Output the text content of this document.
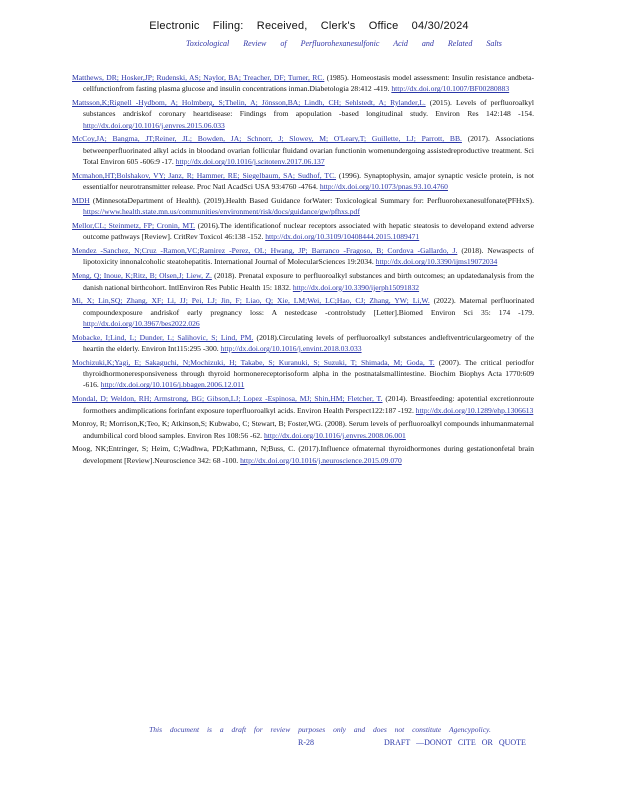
Electronic Filing: Received, Clerk's Office 04/30/2024
Toxicological Review of Perfluorohexanesulfonic Acid and Related Salts

Matthews, DR; Hosker,JP; Rudenski, AS; Naylor, BA; Treacher, DF; Turner, RC. (1985). Homeostasis model assessment: Insulin resistance andbeta-cellfunctionfrom fasting plasma glucose and insulin concentrations inman.Diabetologia 28:412 -419. http://dx.doi.org/10.1007/BF00280883

Mattsson,K;Rignell -Hydbom, A; Holmberg, S;Thelin, A; Jönsson,BA; Lindh, CH; Sehlstedt, A; Rylander,L. (2015). Levels of perfluoroalkyl substances andriskof coronary heartdisease: Findings from apopulation -based longitudinal study. Environ Res 142:148 -154. http://dx.doi.org/10.1016/j.envres.2015.06.033

McCoy,JA; Bangma, JT;Reiner, JL; Bowden, JA; Schnorr, J; Slowey, M; O'Leary,T; Guillette, LJ; Parrott, BB. (2017). Associations betweenperfluorinated alkyl acids in bloodand ovarian follicular fluidand ovarian functionin womenundergoing assistedreproductive treatment. Sci Total Environ 605 -606:9 -17. http://dx.doi.org/10.1016/j.scitotenv.2017.06.137

Mcmahon,HT;Bolshakov, VY; Janz, R; Hammer, RE; Siegelbaum, SA; Sudhof, TC. (1996). Synaptophysin, amajor synaptic vesicle protein, is not essentialfor neurotransmitter release. Proc Natl AcadSci USA 93:4760 -4764. http://dx.doi.org/10.1073/pnas.93.10.4760

MDH (MinnesotaDepartment of Health). (2019).Health Based Guidance forWater: Toxicological Summary for: Perfluorohexanesulfonate(PFHxS). https://www.health.state.mn.us/communities/environment/risk/docs/guidance/gw/pfhxs.pdf

Mellor,CL; Steinmetz, FP; Cronin, MT. (2016).The identificationof nuclear receptors associated with hepatic steatosis to developand extend adverse outcome pathways [Review]. CritRev Toxicol 46:138 -152. http://dx.doi.org/10.3109/10408444.2015.1089471

Mendez -Sanchez, N;Cruz -Ramon,VC;Ramirez -Perez, OL; Hwang, JP; Barranco -Fragoso, B; Cordova -Gallardo, J. (2018). Newaspects of lipotoxicity innonalcoholic steatohepatitis. International Journal of MolecularSciences 19:2034. http://dx.doi.org/10.3390/ijms19072034

Meng, Q; Inoue, K;Ritz, B; Olsen,J; Liew, Z. (2018). Prenatal exposure to perfluoroalkyl substances and birth outcomes; an updatedanalysis from the danish national birthcohort. IntlEnviron Res Public Health 15: 1832. http://dx.doi.org/10.3390/ijerph15091832

Mi, X; Lin,SQ; Zhang, XF; Li, JJ; Pei, LJ; Jin, F; Liao, Q; Xie, LM;Wei, LC;Hao, CJ; Zhang, YW; Li,W. (2022). Maternal perfluorinated compoundexposure andriskof early pregnancy loss: A nestedcase -controlstudy [Letter].Biomed Environ Sci 35: 174 -179. http://dx.doi.org/10.3967/bes2022.026

Mobacke, I;Lind, L; Dunder, L; Salihovic, S; Lind, PM. (2018).Circulating levels of perfluoroalkyl substances andleftventriculargeometry of the heartin the elderly. Environ Int115:295 -300. http://dx.doi.org/10.1016/j.envint.2018.03.033

Mochizuki,K;Yagi, E; Sakaguchi, N;Mochizuki, H; Takabe, S; Kuranuki, S; Suzuki, T; Shimada, M; Goda, T. (2007). The critical periodfor thyroidhormoneresponsiveness through thyroid hormonereceptorisoform alpha in the postnatalsmallintestine. Biochim Biophys Acta 1770:609 -616. http://dx.doi.org/10.1016/j.bbagen.2006.12.011

Mondal, D; Weldon, RH; Armstrong, BG; Gibson,LJ; Lopez -Espinosa, MJ; Shin,HM; Fletcher, T. (2014). Breastfeeding: apotential excretionroute formothers andimplications forinfant exposure toperfluoroalkyl acids. Environ Health Perspect122:187 -192. http://dx.doi.org/10.1289/ehp.1306613

Monroy, R; Morrison,K;Teo, K; Atkinson,S; Kubwabo, C; Stewart, B; Foster,WG. (2008). Serum levels of perfluoroalkyl compounds inhumanmaternal andumbilical cord blood samples. Environ Res 108:56 -62. http://dx.doi.org/10.1016/j.envres.2008.06.001

Moog, NK;Entringer, S; Heim, C;Wadhwa, PD;Kathmann, N;Buss, C. (2017).Influence ofmaternal thyroidhormones during gestationonfetal brain development [Review].Neuroscience 342: 68 -100. http://dx.doi.org/10.1016/j.neuroscience.2015.09.070

This document is a draft for review purposes only and does not constitute Agencypolicy.
R-28	DRAFT —DONOT CITE OR QUOTE
